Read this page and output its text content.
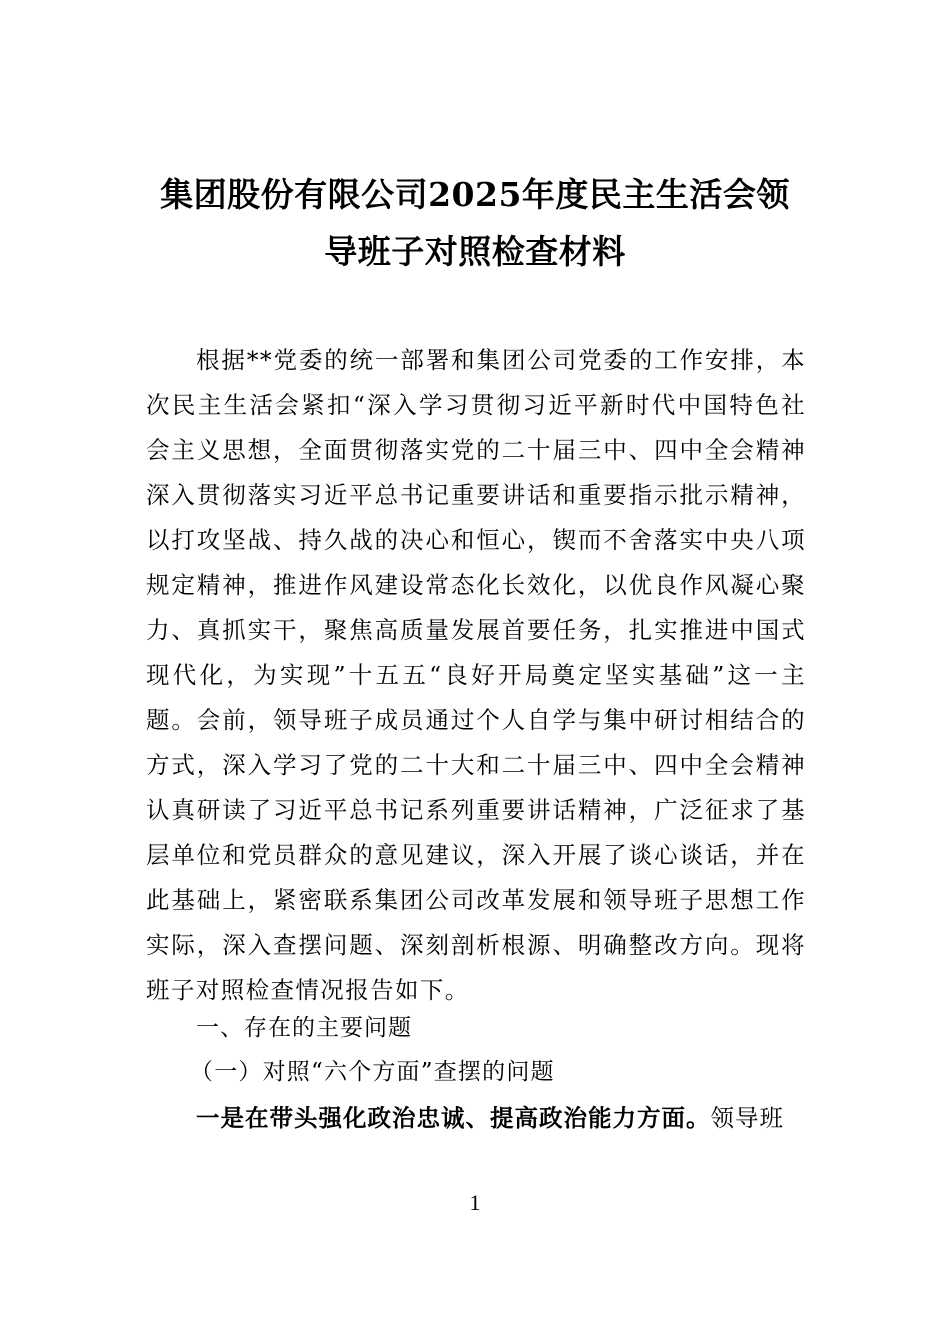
集团股份有限公司2025年度民主生活会领
导班子对照检查材料
根据**党委的统一部署和集团公司党委的工作安排，本次民主生活会紧扣“深入学习贯彻习近平新时代中国特色社会主义思想，全面贯彻落实党的二十届三中、四中全会精神深入贯彻落实习近平总书记重要讲话和重要指示批示精神，以打攻坚战、持久战的决心和恒心，锲而不舍落实中央八项规定精神，推进作风建设常态化长效化，以优良作风凝心聚力、真抓实干，聚焦高质量发展首要任务，扎实推进中国式现代化，为实现”十五五“良好开局奠定坚实基础”这一主题。会前，领导班子成员通过个人自学与集中研讨相结合的方式，深入学习了党的二十大和二十届三中、四中全会精神认真研读了习近平总书记系列重要讲话精神，广泛征求了基层单位和党员群众的意见建议，深入开展了谈心谈话，并在此基础上，紧密联系集团公司改革发展和领导班子思想工作实际，深入查摆问题、深刻剖析根源、明确整改方向。现将班子对照检查情况报告如下。
一、存在的主要问题
（一）对照“六个方面”查摆的问题
一是在带头强化政治忠诚、提高政治能力方面。领导班
1
